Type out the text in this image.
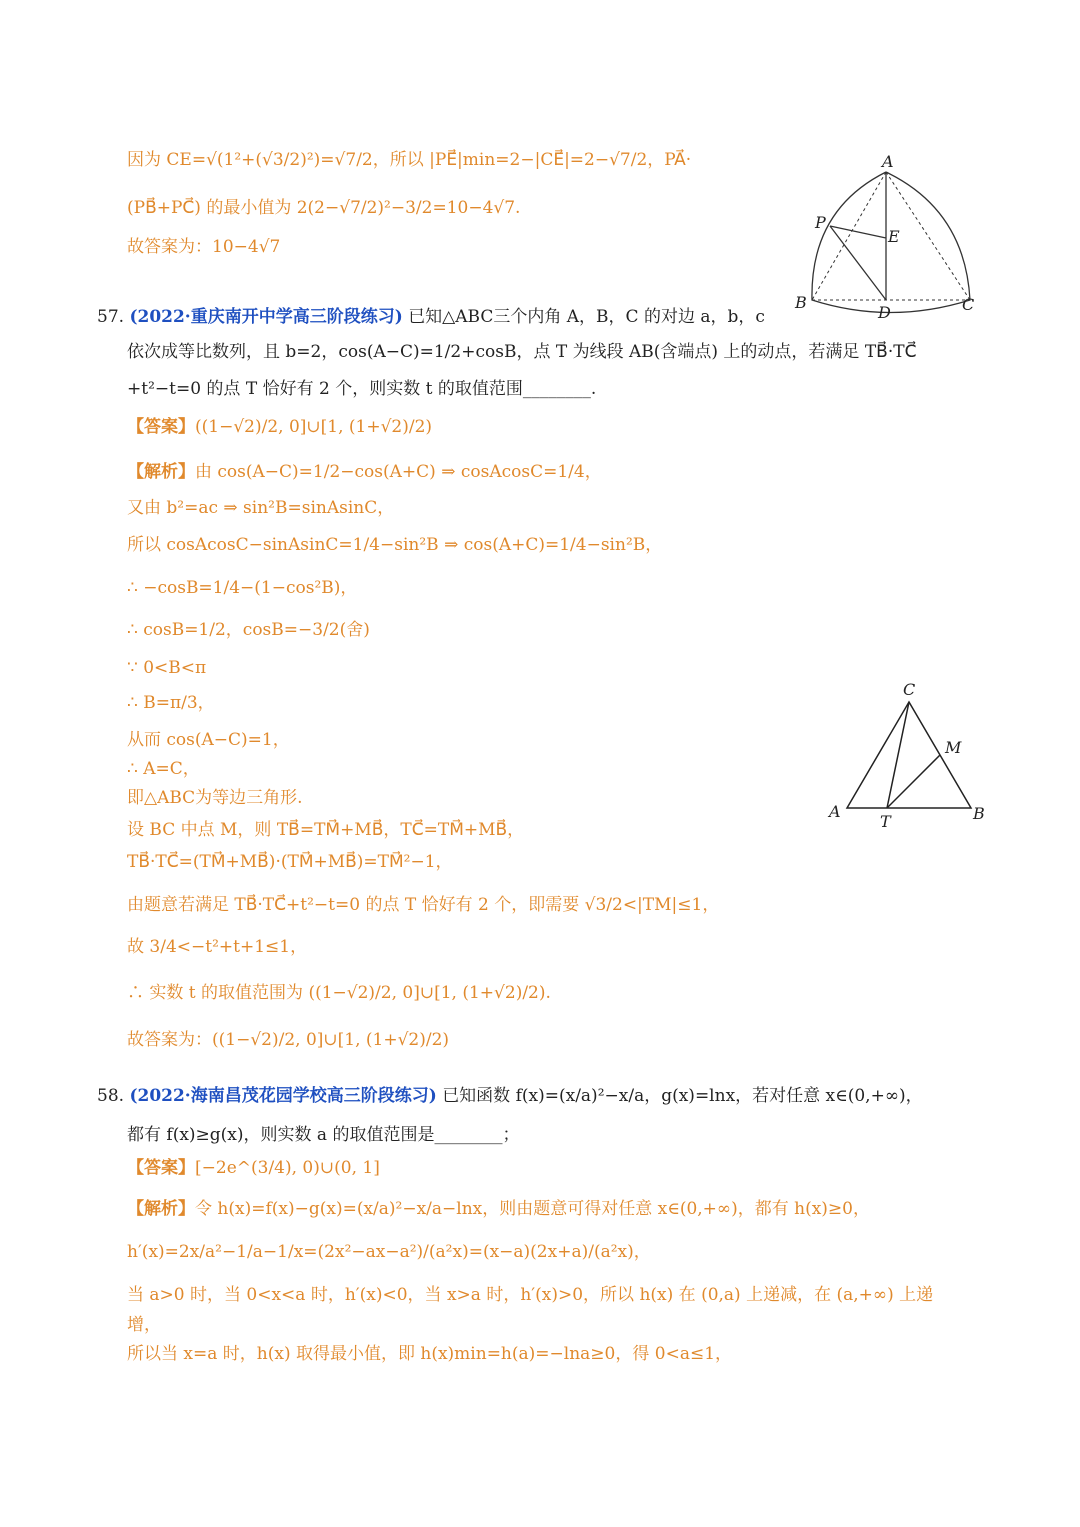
因为 CE=√(1²+(√3/2)²)=√7/2，所以 |PE⃗|min=2−|CE⃗|=2−√7/2，PA⃗·
(PB⃗+PC⃗) 的最小值为 2(2−√7/2)²−3/2=10−4√7.
故答案为：10−4√7
A
P
E
B
D	C
57. (2022·重庆南开中学高三阶段练习) 已知△ABC三个内角 A，B，C 的对边 a，b，c
依次成等比数列，且 b=2，cos(A−C)=1/2+cosB，点 T 为线段 AB(含端点) 上的动点，若满足 TB⃗·TC⃗
+t²−t=0 的点 T 恰好有 2 个，则实数 t 的取值范围________.
【答案】((1−√2)/2, 0]∪[1, (1+√2)/2)
【解析】由 cos(A−C)=1/2−cos(A+C) ⇒ cosAcosC=1/4，
又由 b²=ac ⇒ sin²B=sinAsinC，
所以 cosAcosC−sinAsinC=1/4−sin²B ⇒ cos(A+C)=1/4−sin²B，
∴ −cosB=1/4−(1−cos²B)，
∴ cosB=1/2，cosB=−3/2(舍)
∵ 0<B<π
∴ B=π/3，
从而 cos(A−C)=1，
∴ A=C，
即△ABC为等边三角形.
设 BC 中点 M，则 TB⃗=TM⃗+MB⃗，TC⃗=TM⃗+MB⃗，
TB⃗·TC⃗=(TM⃗+MB⃗)·(TM⃗+MB⃗)=TM⃗²−1，
由题意若满足 TB⃗·TC⃗+t²−t=0 的点 T 恰好有 2 个，即需要 √3/2<|TM|≤1，
故 3/4<−t²+t+1≤1，
∴ 实数 t 的取值范围为 ((1−√2)/2, 0]∪[1, (1+√2)/2).
故答案为：((1−√2)/2, 0]∪[1, (1+√2)/2)
C
M
A
T	B
58. (2022·海南昌茂花园学校高三阶段练习) 已知函数 f(x)=(x/a)²−x/a，g(x)=lnx，若对任意 x∈(0,+∞)，
都有 f(x)≥g(x)，则实数 a 的取值范围是________；
【答案】[−2e^(3/4), 0)∪(0, 1]
【解析】令 h(x)=f(x)−g(x)=(x/a)²−x/a−lnx，则由题意可得对任意 x∈(0,+∞)，都有 h(x)≥0，
h′(x)=2x/a²−1/a−1/x=(2x²−ax−a²)/(a²x)=(x−a)(2x+a)/(a²x)，
当 a>0 时，当 0<x<a 时，h′(x)<0，当 x>a 时，h′(x)>0，所以 h(x) 在 (0,a) 上递减，在 (a,+∞) 上递
增，
所以当 x=a 时，h(x) 取得最小值，即 h(x)min=h(a)=−lna≥0，得 0<a≤1，
